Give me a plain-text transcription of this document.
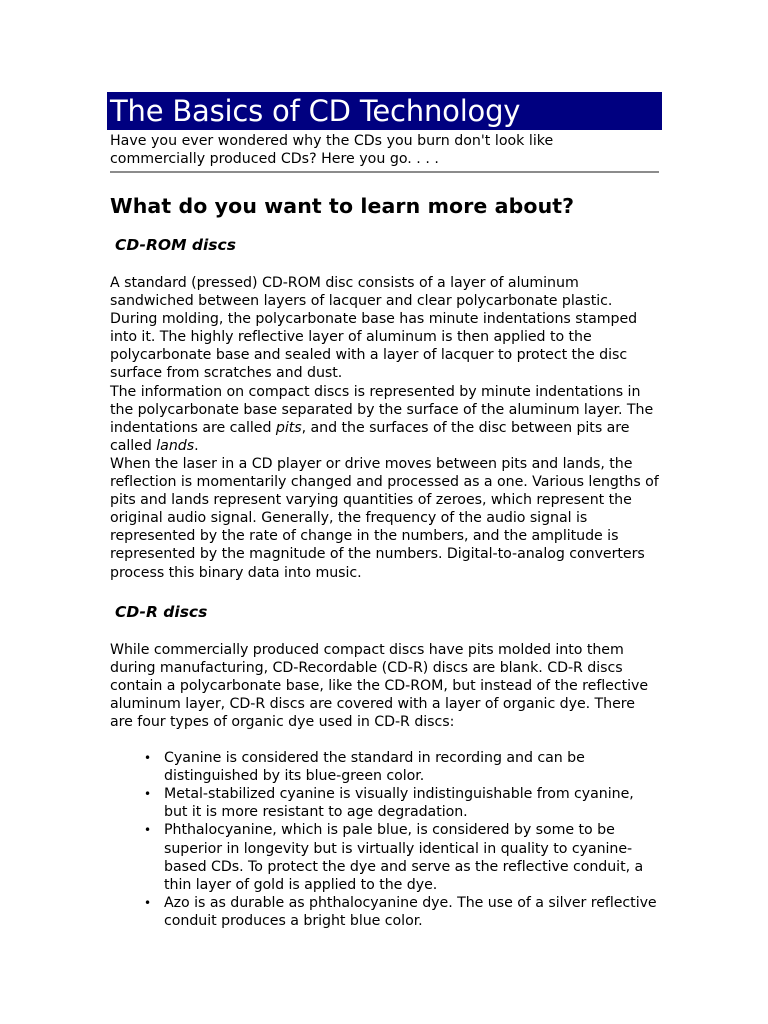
The Basics of CD Technology

Have you ever wondered why the CDs you burn don't look like
commercially produced CDs? Here you go. . . .

What do you want to learn more about?
CD-ROM discs

A standard (pressed) CD-ROM disc consists of a layer of aluminum sandwiched between layers of lacquer and clear polycarbonate plastic. During molding, the polycarbonate base has minute indentations stamped into it. The highly reflective layer of aluminum is then applied to the polycarbonate base and sealed with a layer of lacquer to protect the disc surface from scratches and dust.
The information on compact discs is represented by minute indentations in the polycarbonate base separated by the surface of the aluminum layer. The indentations are called pits, and the surfaces of the disc between pits are called lands.
When the laser in a CD player or drive moves between pits and lands, the reflection is momentarily changed and processed as a one. Various lengths of pits and lands represent varying quantities of zeroes, which represent the original audio signal. Generally, the frequency of the audio signal is represented by the rate of change in the numbers, and the amplitude is represented by the magnitude of the numbers. Digital-to-analog converters process this binary data into music.

CD-R discs

While commercially produced compact discs have pits molded into them during manufacturing, CD-Recordable (CD-R) discs are blank. CD-R discs contain a polycarbonate base, like the CD-ROM, but instead of the reflective aluminum layer, CD-R discs are covered with a layer of organic dye. There are four types of organic dye used in CD-R discs:

• Cyanine is considered the standard in recording and can be distinguished by its blue-green color.
• Metal-stabilized cyanine is visually indistinguishable from cyanine, but it is more resistant to age degradation.
• Phthalocyanine, which is pale blue, is considered by some to be superior in longevity but is virtually identical in quality to cyanine-based CDs. To protect the dye and serve as the reflective conduit, a thin layer of gold is applied to the dye.
• Azo is as durable as phthalocyanine dye. The use of a silver reflective conduit produces a bright blue color.
